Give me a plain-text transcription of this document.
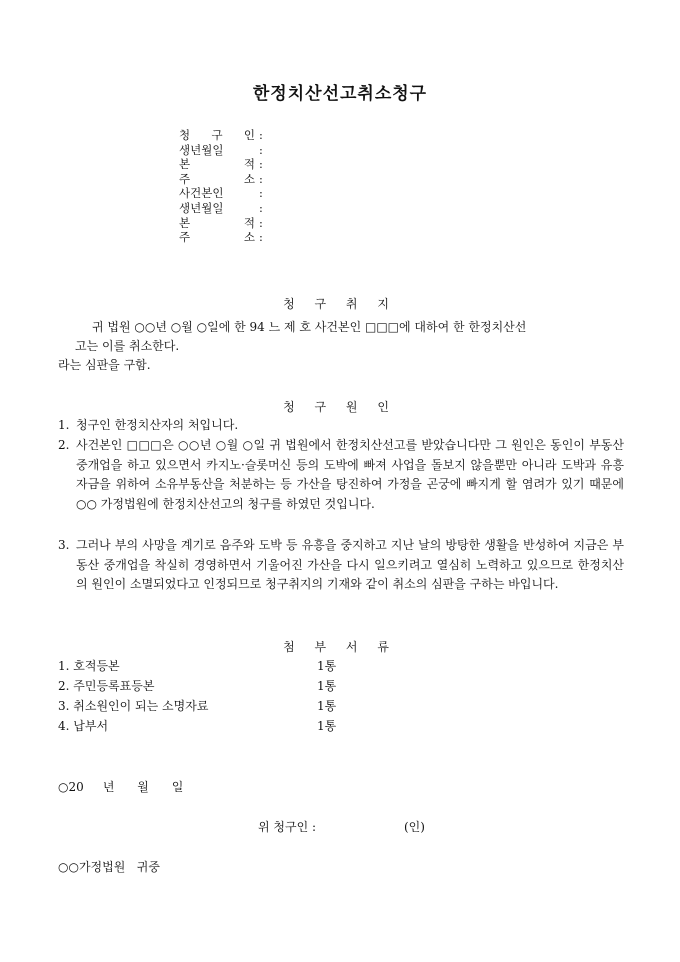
한정치산선고취소청구
청 구 인 :
생년월일	:
본 적 :
주 소 :
사건본인	:
생년월일	:
본 적 :
주 소 :
청 구 취 지
귀 법원 ○○년 ○월 ○일에 한 94 느 제 호 사건본인 □□□에 대하여 한 한정치산선
고는 이를 취소한다.
라는 심판을 구함.
청 구 원 인
1. 청구인 한정치산자의 처입니다.
2. 사건본인 □□□은 ○○년 ○월 ○일 귀 법원에서 한정치산선고를 받았습니다만 그 원인은 동인이 부동산중개업을 하고 있으면서 카지노·슬롯머신 등의 도박에 빠져 사업을 돌보지 않을뿐만 아니라 도박과 유흥자금을 위하여 소유부동산을 처분하는 등 가산을 탕진하여 가정을 곤궁에 빠지게 할 염려가 있기 때문에 ○○ 가정법원에 한정치산선고의 청구를 하였던 것입니다.
3. 그러나 부의 사망을 계기로 음주와 도박 등 유흥을 중지하고 지난 날의 방탕한 생활을 반성하여 지금은 부동산 중개업을 착실히 경영하면서 기울어진 가산을 다시 일으키려고 열심히 노력하고 있으므로 한정치산의 원인이 소멸되었다고 인정되므로 청구취지의 기재와 같이 취소의 심판을 구하는 바입니다.
첨 부 서 류
1. 호적등본	1통
2. 주민등록표등본	1통
3. 취소원인이 되는 소명자료	1통
4. 납부서	1통
○20     년      월      일
위 청구인 :	(인)
○○가정법원   귀중
